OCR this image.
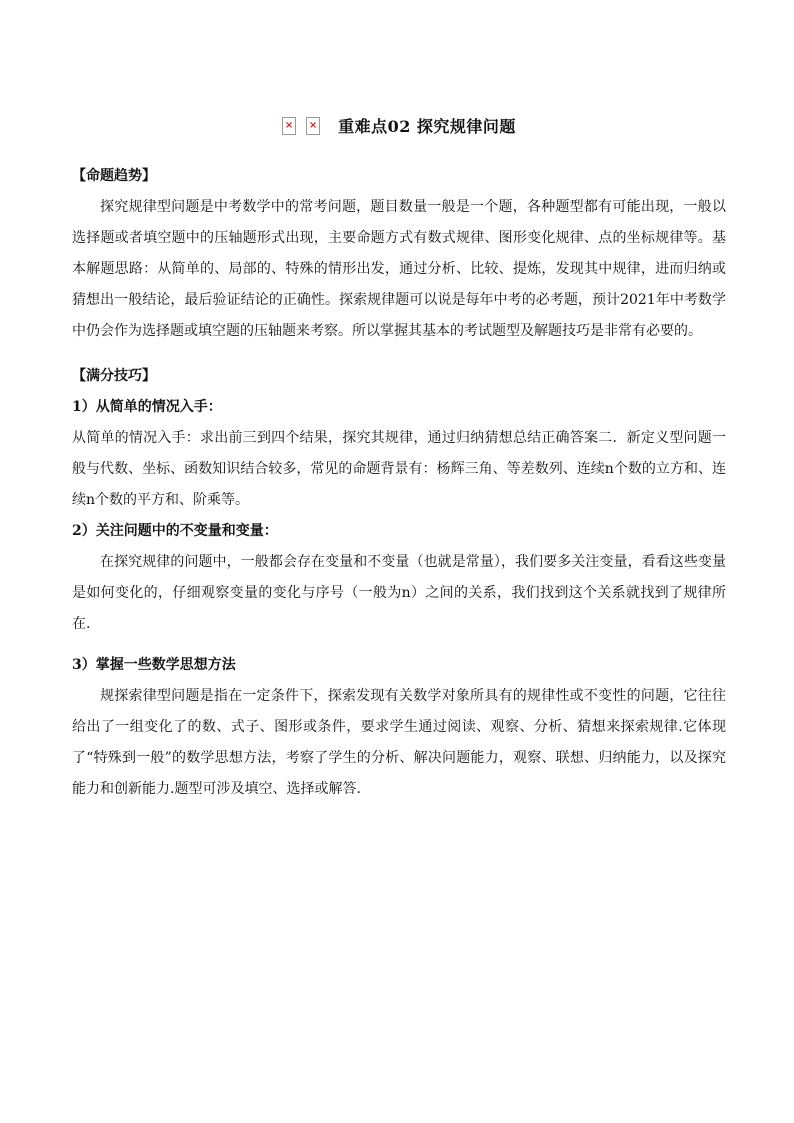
× × 重难点02 探究规律问题
【命题趋势】

探究规律型问题是中考数学中的常考问题，题目数量一般是一个题，各种题型都有可能出现，一般以选择题或者填空题中的压轴题形式出现，主要命题方式有数式规律、图形变化规律、点的坐标规律等。基本解题思路：从简单的、局部的、特殊的情形出发，通过分析、比较、提炼，发现其中规律，进而归纳或猜想出一般结论，最后验证结论的正确性。探索规律题可以说是每年中考的必考题，预计2021年中考数学中仍会作为选择题或填空题的压轴题来考察。所以掌握其基本的考试题型及解题技巧是非常有必要的。

【满分技巧】
1）从简单的情况入手：

从简单的情况入手：求出前三到四个结果，探究其规律，通过归纳猜想总结正确答案二．新定义型问题一般与代数、坐标、函数知识结合较多，常见的命题背景有：杨辉三角、等差数列、连续n个数的立方和、连续n个数的平方和、阶乘等。

2）关注问题中的不变量和变量：

在探究规律的问题中，一般都会存在变量和不变量（也就是常量），我们要多关注变量，看看这些变量是如何变化的，仔细观察变量的变化与序号（一般为n）之间的关系，我们找到这个关系就找到了规律所在.

3）掌握一些数学思想方法

规探索律型问题是指在一定条件下，探索发现有关数学对象所具有的规律性或不变性的问题，它往往给出了一组变化了的数、式子、图形或条件，要求学生通过阅读、观察、分析、猜想来探索规律.它体现了“特殊到一般”的数学思想方法，考察了学生的分析、解决问题能力，观察、联想、归纳能力，以及探究能力和创新能力.题型可涉及填空、选择或解答.
